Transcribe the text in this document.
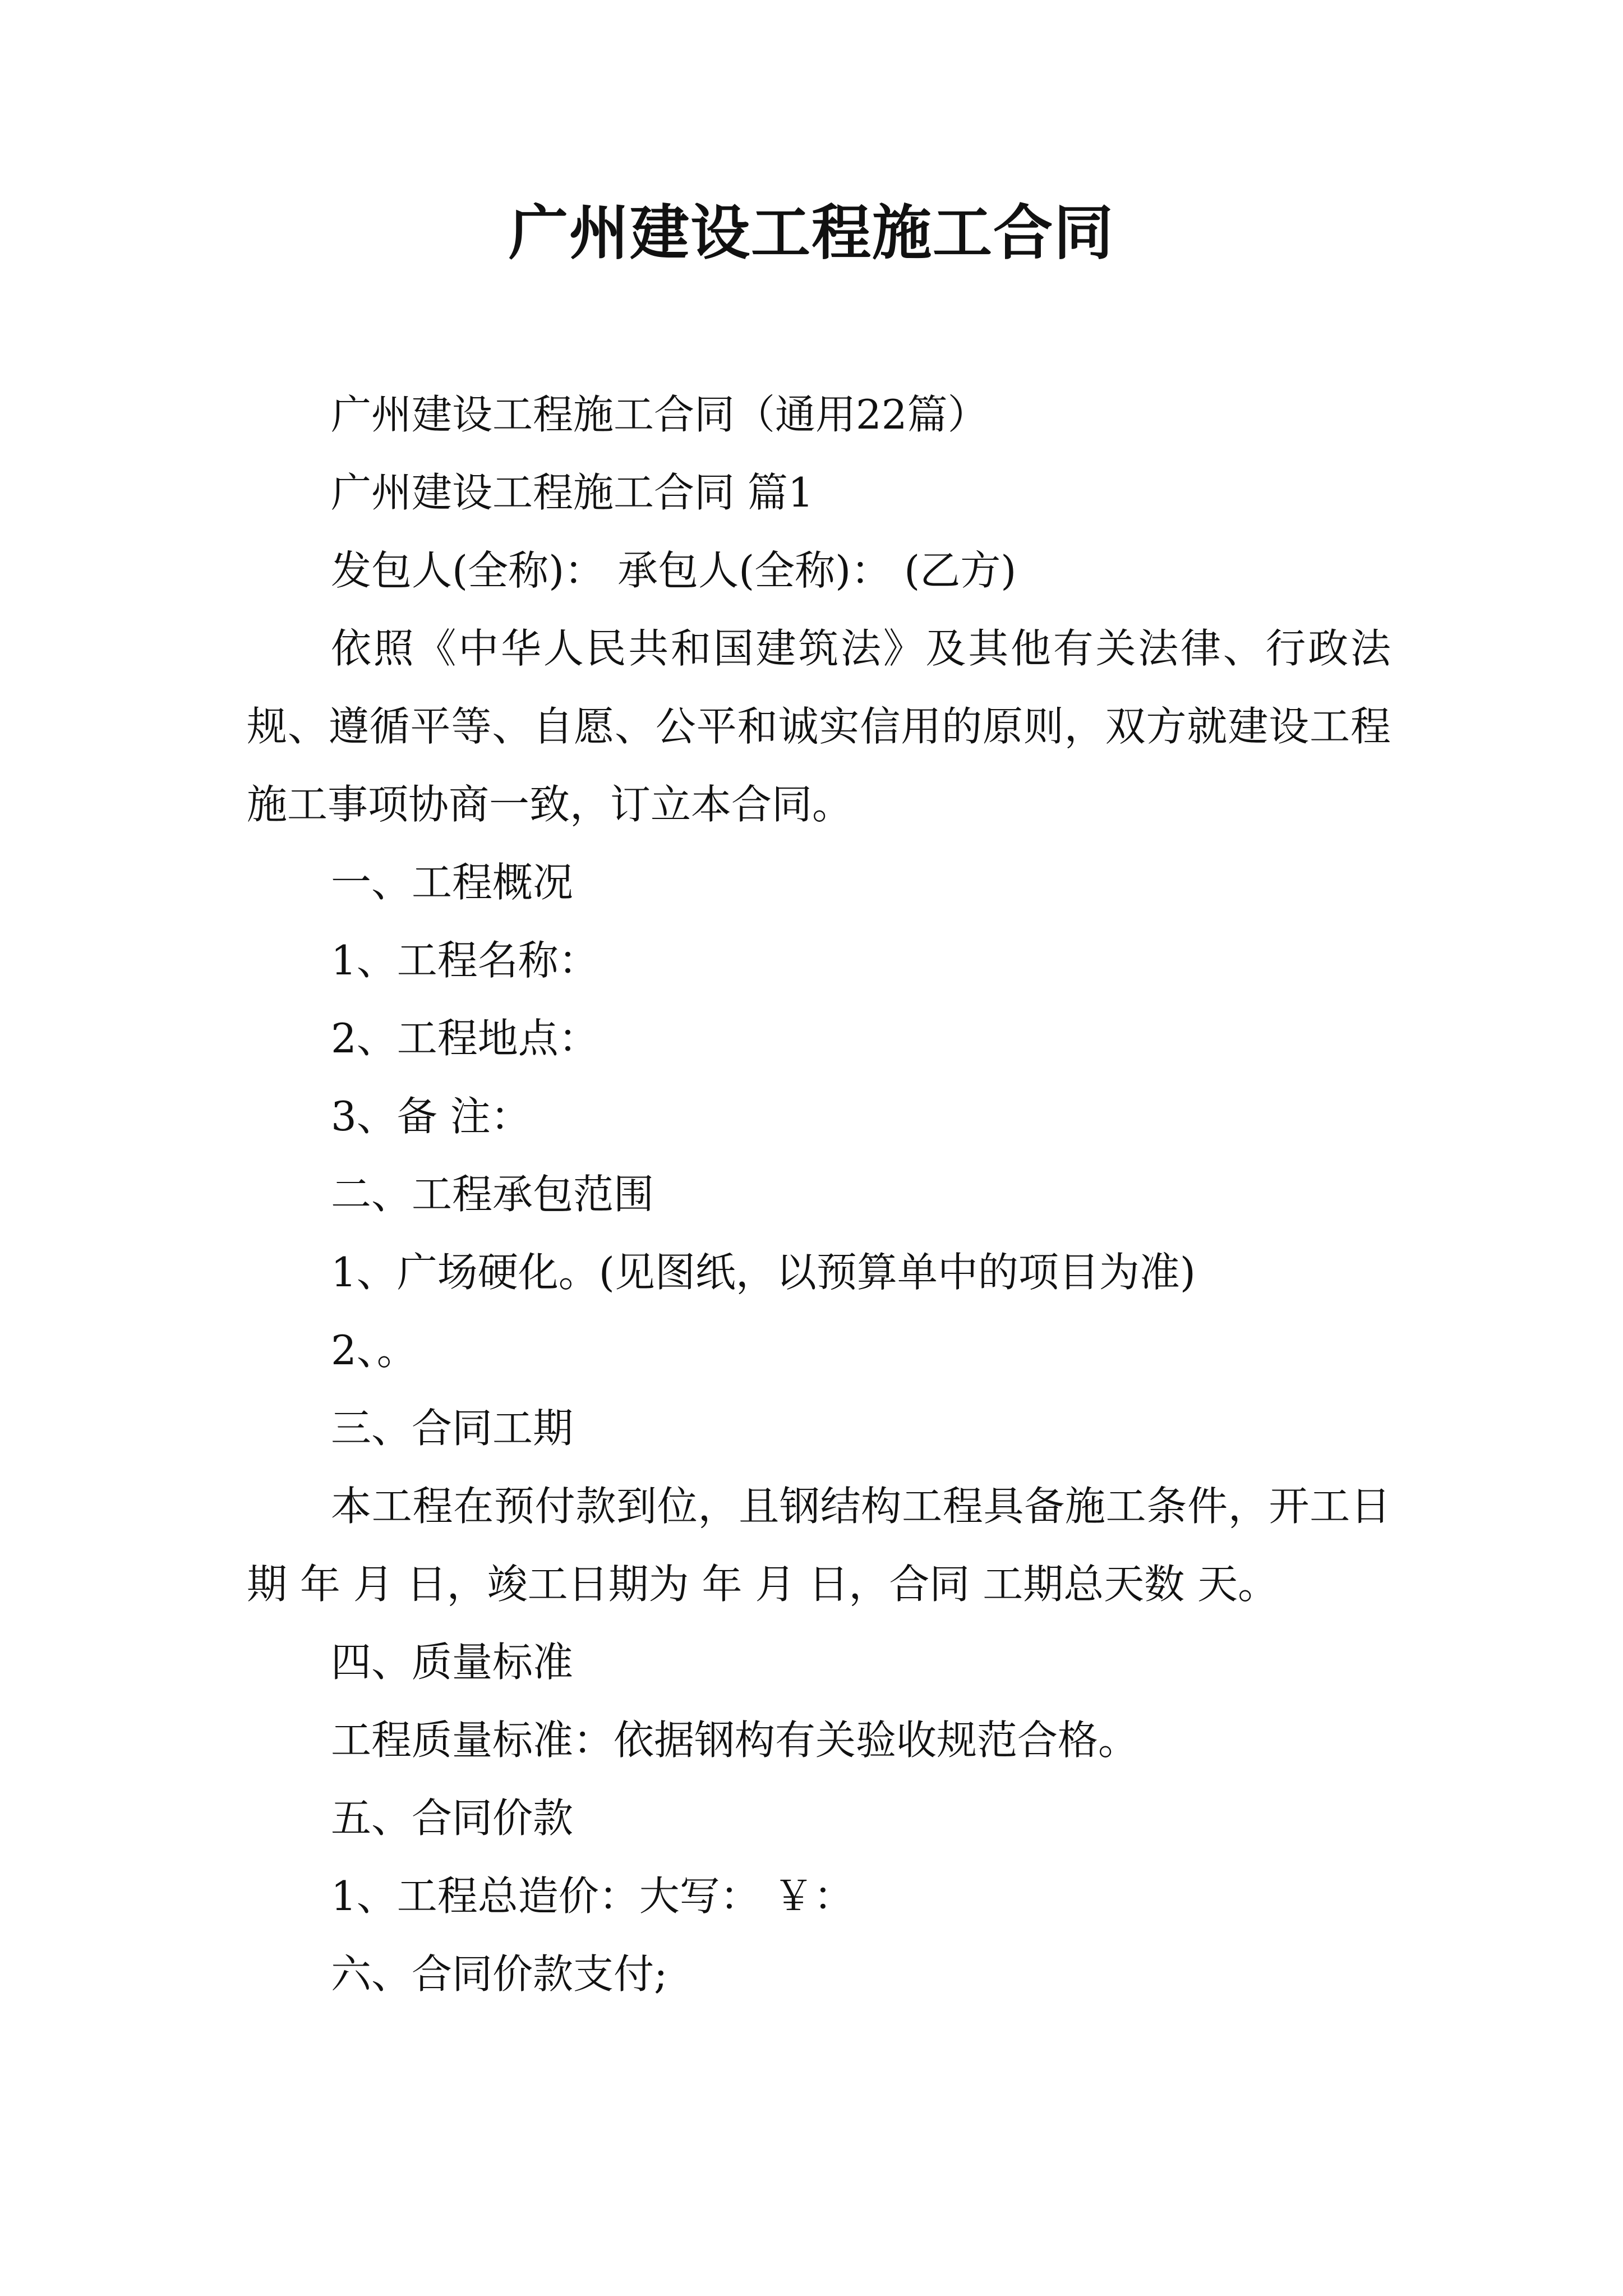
广州建设工程施工合同

广州建设工程施工合同（通用22篇）

广州建设工程施工合同 篇1

发包人(全称)： 承包人(全称)： (乙方)

依照《中华人民共和国建筑法》及其他有关法律、行政法规、遵循平等、自愿、公平和诚实信用的原则，双方就建设工程施工事项协商一致，订立本合同。

一、工程概况

1、工程名称：

2、工程地点：

3、备 注：

二、工程承包范围

1、广场硬化。(见图纸，以预算单中的项目为准)

2、。

三、合同工期

本工程在预付款到位，且钢结构工程具备施工条件，开工日 期 年 月 日，竣工日期为 年 月 日，合同 工期总天数 天。

四、质量标准

工程质量标准：依据钢构有关验收规范合格。

五、合同价款

1、工程总造价：大写： ￥：

六、合同价款支付;
